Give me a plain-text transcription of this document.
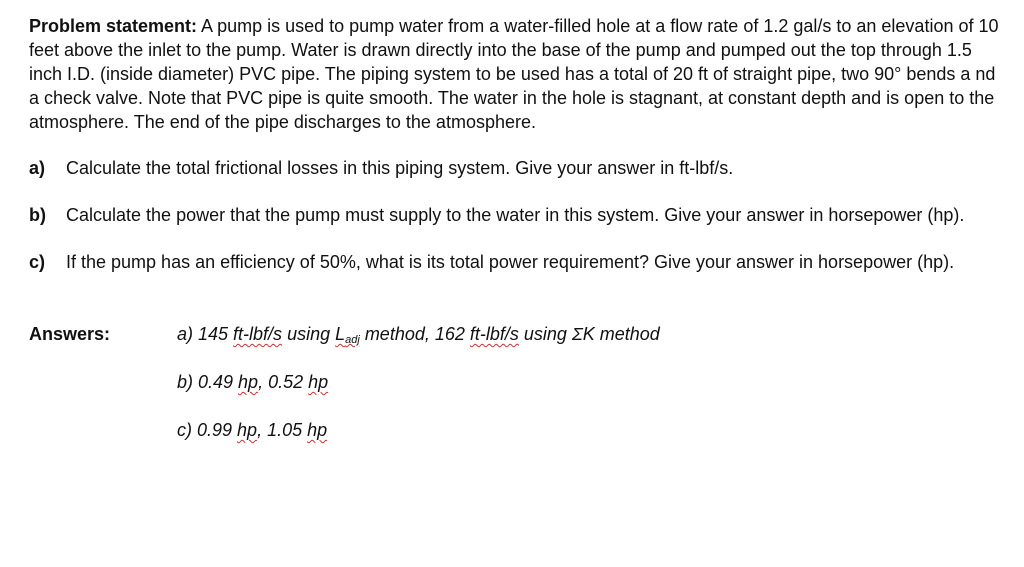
Problem statement: A pump is used to pump water from a water-filled hole at a flow rate of 1.2 gal/s to an elevation of 10 feet above the inlet to the pump. Water is drawn directly into the base of the pump and pumped out the top through 1.5 inch I.D. (inside diameter) PVC pipe. The piping system to be used has a total of 20 ft of straight pipe, two 90° bends a nd a check valve. Note that PVC pipe is quite smooth. The water in the hole is stagnant, at constant depth and is open to the atmosphere. The end of the pipe discharges to the atmosphere.

a) Calculate the total frictional losses in this piping system. Give your answer in ft-lbf/s.
b) Calculate the power that the pump must supply to the water in this system. Give your answer in horsepower (hp).
c) If the pump has an efficiency of 50%, what is its total power requirement? Give your answer in horsepower (hp).
Answers:	a) 145 ft-lbf/s using $L_{adj}$ method, 162 ft-lbf/s using ΣK method
b) 0.49 hp, 0.52 hp
c) 0.99 hp, 1.05 hp
